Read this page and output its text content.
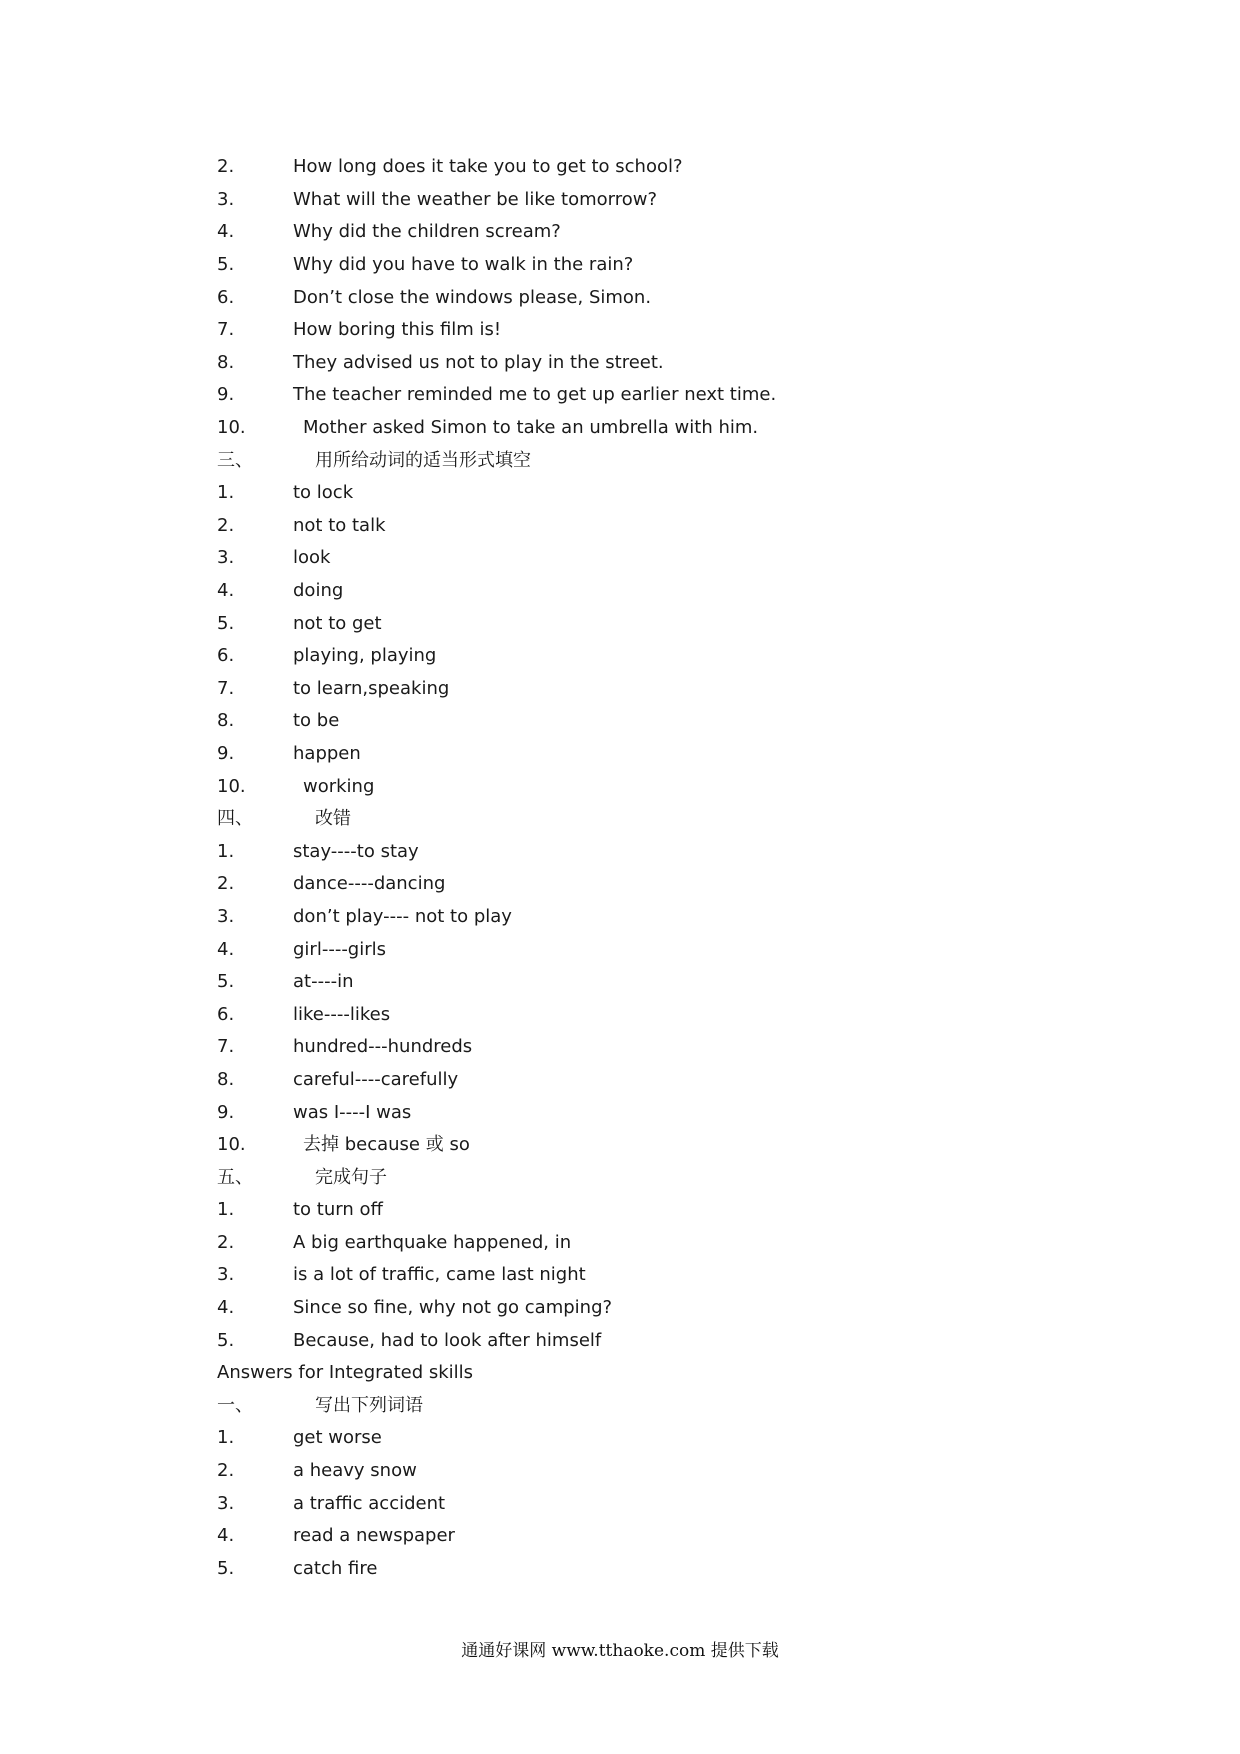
2.	How long does it take you to get to school?
3.	What will the weather be like tomorrow?
4.	Why did the children scream?
5.	Why did you have to walk in the rain?
6.	Don’t close the windows please, Simon.
7.	How boring this film is!
8.	They advised us not to play in the street.
9.	The teacher reminded me to get up earlier next time.
10.	Mother asked Simon to take an umbrella with him.
三、	用所给动词的适当形式填空
1.	to lock
2.	not to talk
3.	look
4.	doing
5.	not to get
6.	playing, playing
7.	to learn,speaking
8.	to be
9.	happen
10.	working
四、	改错
1.	stay----to stay
2.	dance----dancing
3.	don’t play---- not to play
4.	girl----girls
5.	at----in
6.	like----likes
7.	hundred---hundreds
8.	careful----carefully
9.	was I----I was
10.	去掉 because 或 so
五、	完成句子
1.	to turn off
2.	A big earthquake happened, in
3.	is a lot of traffic, came last night
4.	Since so fine, why not go camping?
5.	Because, had to look after himself
Answers for Integrated skills
一、	写出下列词语
1.	get worse
2.	a heavy snow
3.	a traffic accident
4.	read a newspaper
5.	catch fire
通通好课网 www.tthaoke.com 提供下载
